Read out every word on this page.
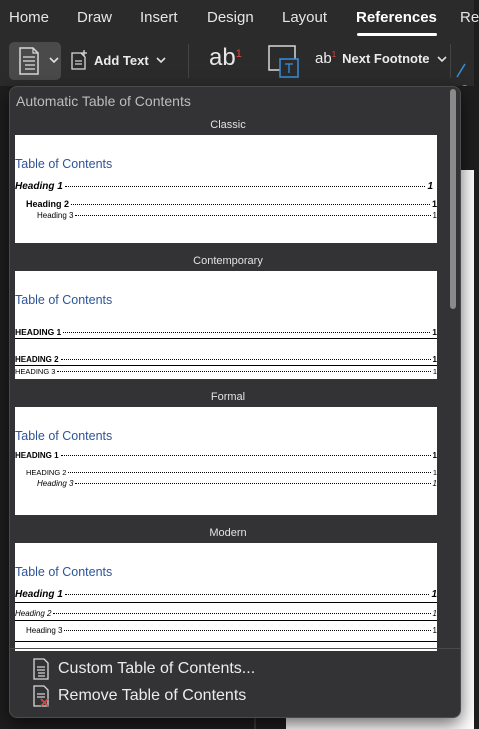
Home Draw Insert Design Layout References Re
Add Text	$ab^1$	$ab^1$ Next Footnote
Automatic Table of Contents
Classic
Table of Contents
Heading 1	1
Heading 2	1
Heading 3	1
Contemporary
Table of Contents
HEADING 1	1
HEADING 2	1
HEADING 3	1
Formal
Table of Contents
HEADING 1	1
HEADING 2	1
Heading 3	1
Modern
Table of Contents
Heading 1	1
Heading 2	1
Heading 3	1
Custom Table of Contents...
Remove Table of Contents
